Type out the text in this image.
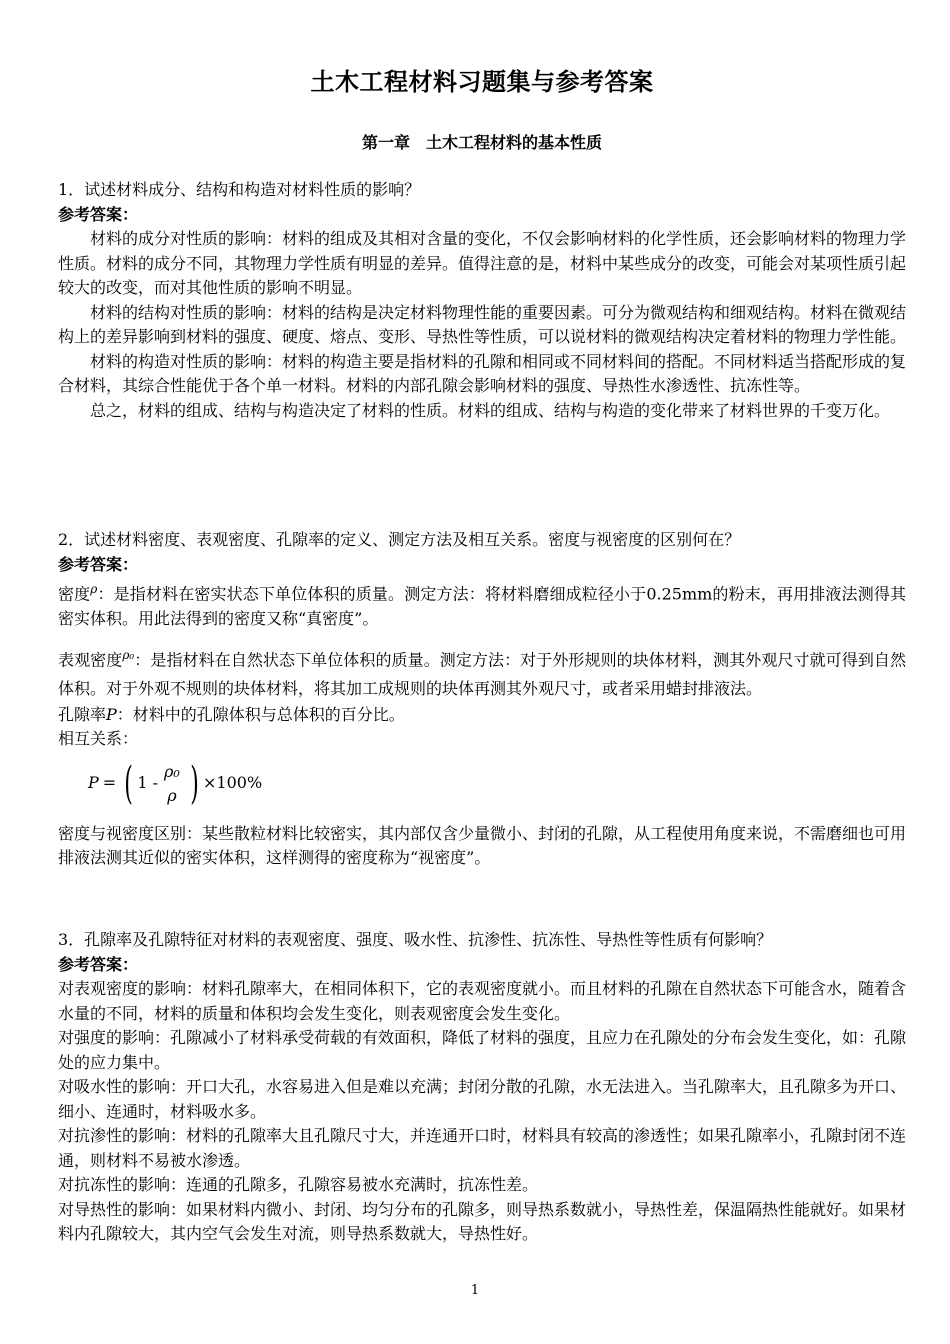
土木工程材料习题集与参考答案
第一章　土木工程材料的基本性质

1．试述材料成分、结构和构造对材料性质的影响？

参考答案：

材料的成分对性质的影响：材料的组成及其相对含量的变化，不仅会影响材料的化学性质，还会影响材料的物理力学性质。材料的成分不同，其物理力学性质有明显的差异。值得注意的是，材料中某些成分的改变，可能会对某项性质引起较大的改变，而对其他性质的影响不明显。

材料的结构对性质的影响：材料的结构是决定材料物理性能的重要因素。可分为微观结构和细观结构。材料在微观结构上的差异影响到材料的强度、硬度、熔点、变形、导热性等性质，可以说材料的微观结构决定着材料的物理力学性能。

材料的构造对性质的影响：材料的构造主要是指材料的孔隙和相同或不同材料间的搭配。不同材料适当搭配形成的复合材料，其综合性能优于各个单一材料。材料的内部孔隙会影响材料的强度、导热性水渗透性、抗冻性等。

总之，材料的组成、结构与构造决定了材料的性质。材料的组成、结构与构造的变化带来了材料世界的千变万化。

2．试述材料密度、表观密度、孔隙率的定义、测定方法及相互关系。密度与视密度的区别何在？

参考答案：

密度$^\rho$：是指材料在密实状态下单位体积的质量。测定方法：将材料磨细成粒径小于0.25mm的粉末，再用排液法测得其密实体积。用此法得到的密度又称“真密度”。

表观密度$^{\rho_0}$：是指材料在自然状态下单位体积的质量。测定方法：对于外形规则的块体材料，测其外观尺寸就可得到自然体积。对于外观不规则的块体材料，将其加工成规则的块体再测其外观尺寸，或者采用蜡封排液法。

孔隙率P：材料中的孔隙体积与总体积的百分比。

相互关系：

P = ( 1 -
ρ₀
ρ ) ×100%

密度与视密度区别：某些散粒材料比较密实，其内部仅含少量微小、封闭的孔隙，从工程使用角度来说，不需磨细也可用排液法测其近似的密实体积，这样测得的密度称为“视密度”。

3．孔隙率及孔隙特征对材料的表观密度、强度、吸水性、抗渗性、抗冻性、导热性等性质有何影响？

参考答案：

对表观密度的影响：材料孔隙率大，在相同体积下，它的表观密度就小。而且材料的孔隙在自然状态下可能含水，随着含水量的不同，材料的质量和体积均会发生变化，则表观密度会发生变化。

对强度的影响：孔隙减小了材料承受荷载的有效面积，降低了材料的强度，且应力在孔隙处的分布会发生变化，如：孔隙处的应力集中。

对吸水性的影响：开口大孔，水容易进入但是难以充满；封闭分散的孔隙，水无法进入。当孔隙率大，且孔隙多为开口、细小、连通时，材料吸水多。

对抗渗性的影响：材料的孔隙率大且孔隙尺寸大，并连通开口时，材料具有较高的渗透性；如果孔隙率小，孔隙封闭不连通，则材料不易被水渗透。

对抗冻性的影响：连通的孔隙多，孔隙容易被水充满时，抗冻性差。

对导热性的影响：如果材料内微小、封闭、均匀分布的孔隙多，则导热系数就小，导热性差，保温隔热性能就好。如果材料内孔隙较大，其内空气会发生对流，则导热系数就大，导热性好。

1
